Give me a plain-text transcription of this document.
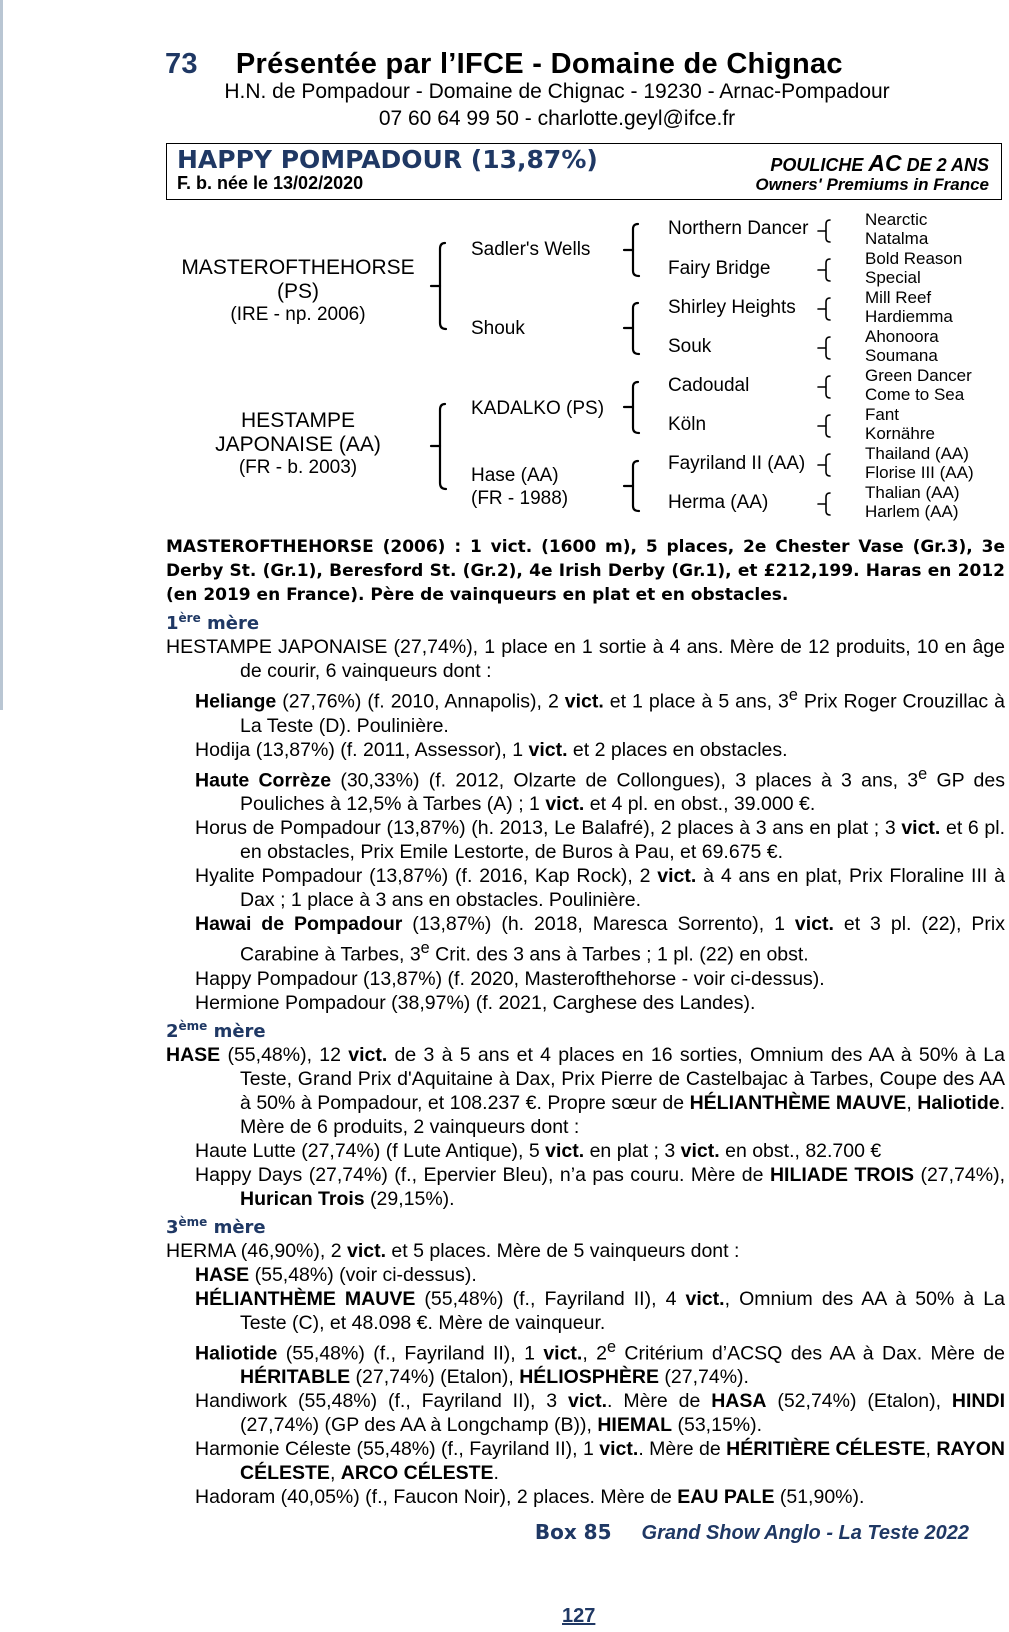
73 Présentée par l’IFCE - Domaine de Chignac
H.N. de Pompadour - Domaine de Chignac - 19230 - Arnac-Pompadour
07 60 64 99 50 - charlotte.geyl@ifce.fr
HAPPY POMPADOUR (13,87%)
F. b. née le 13/02/2020
POULICHE AC DE 2 ANS
Owners' Premiums in France
MASTEROFTHEHORSE
(PS)
(IRE - np. 2006)
HESTAMPE
JAPONAISE (AA)
(FR - b. 2003)
Sadler's Wells
Shouk
KADALKO (PS)
Hase (AA)
(FR - 1988)
Northern Dancer
Fairy Bridge
Shirley Heights
Souk
Cadoudal
Köln
Fayriland II (AA)
Herma (AA)
Nearctic
Natalma
Bold Reason
Special
Mill Reef
Hardiemma
Ahonoora
Soumana
Green Dancer
Come to Sea
Fant
Kornähre
Thailand (AA)
Florise III (AA)
Thalian (AA)
Harlem (AA)

MASTEROFTHEHORSE (2006) : 1 vict. (1600 m), 5 places, 2e Chester Vase (Gr.3), 3e Derby St. (Gr.1), Beresford St. (Gr.2), 4e Irish Derby (Gr.1), et £212,199. Haras en 2012 (en 2019 en France). Père de vainqueurs en plat et en obstacles.

1ère mère

HESTAMPE JAPONAISE (27,74%), 1 place en 1 sortie à 4 ans. Mère de 12 produits, 10 en âge de courir, 6 vainqueurs dont :

Heliange (27,76%) (f. 2010, Annapolis), 2 vict. et 1 place à 5 ans, 3e Prix Roger Crouzillac à La Teste (D). Poulinière.

Hodija (13,87%) (f. 2011, Assessor), 1 vict. et 2 places en obstacles.

Haute Corrèze (30,33%) (f. 2012, Olzarte de Collongues), 3 places à 3 ans, 3e GP des Pouliches à 12,5% à Tarbes (A) ; 1 vict. et 4 pl. en obst., 39.000 €.

Horus de Pompadour (13,87%) (h. 2013, Le Balafré), 2 places à 3 ans en plat ; 3 vict. et 6 pl. en obstacles, Prix Emile Lestorte, de Buros à Pau, et 69.675 €.

Hyalite Pompadour (13,87%) (f. 2016, Kap Rock), 2 vict. à 4 ans en plat, Prix Floraline III à Dax ; 1 place à 3 ans en obstacles. Poulinière.

Hawai de Pompadour (13,87%) (h. 2018, Maresca Sorrento), 1 vict. et 3 pl. (22), Prix Carabine à Tarbes, 3e Crit. des 3 ans à Tarbes ; 1 pl. (22) en obst.

Happy Pompadour (13,87%) (f. 2020, Masterofthehorse - voir ci-dessus).

Hermione Pompadour (38,97%) (f. 2021, Carghese des Landes).

2ème mère

HASE (55,48%), 12 vict. de 3 à 5 ans et 4 places en 16 sorties, Omnium des AA à 50% à La Teste, Grand Prix d'Aquitaine à Dax, Prix Pierre de Castelbajac à Tarbes, Coupe des AA à 50% à Pompadour, et 108.237 €. Propre sœur de HÉLIANTHÈME MAUVE, Haliotide. Mère de 6 produits, 2 vainqueurs dont :

Haute Lutte (27,74%) (f Lute Antique), 5 vict. en plat ; 3 vict. en obst., 82.700 €

Happy Days (27,74%) (f., Epervier Bleu), n’a pas couru. Mère de HILIADE TROIS (27,74%), Hurican Trois (29,15%).

3ème mère

HERMA (46,90%), 2 vict. et 5 places. Mère de 5 vainqueurs dont :

HASE (55,48%) (voir ci-dessus).

HÉLIANTHÈME MAUVE (55,48%) (f., Fayriland II), 4 vict., Omnium des AA à 50% à La Teste (C), et 48.098 €. Mère de vainqueur.

Haliotide (55,48%) (f., Fayriland II), 1 vict., 2e Critérium d’ACSQ des AA à Dax. Mère de HÉRITABLE (27,74%) (Etalon), HÉLIOSPHÈRE (27,74%).

Handiwork (55,48%) (f., Fayriland II), 3 vict.. Mère de HASA (52,74%) (Etalon), HINDI (27,74%) (GP des AA à Longchamp (B)), HIEMAL (53,15%).

Harmonie Céleste (55,48%) (f., Fayriland II), 1 vict.. Mère de HÉRITIÈRE CÉLESTE, RAYON CÉLESTE, ARCO CÉLESTE.

Hadoram (40,05%) (f., Faucon Noir), 2 places. Mère de EAU PALE (51,90%).

Box 85 Grand Show Anglo - La Teste 2022
127
